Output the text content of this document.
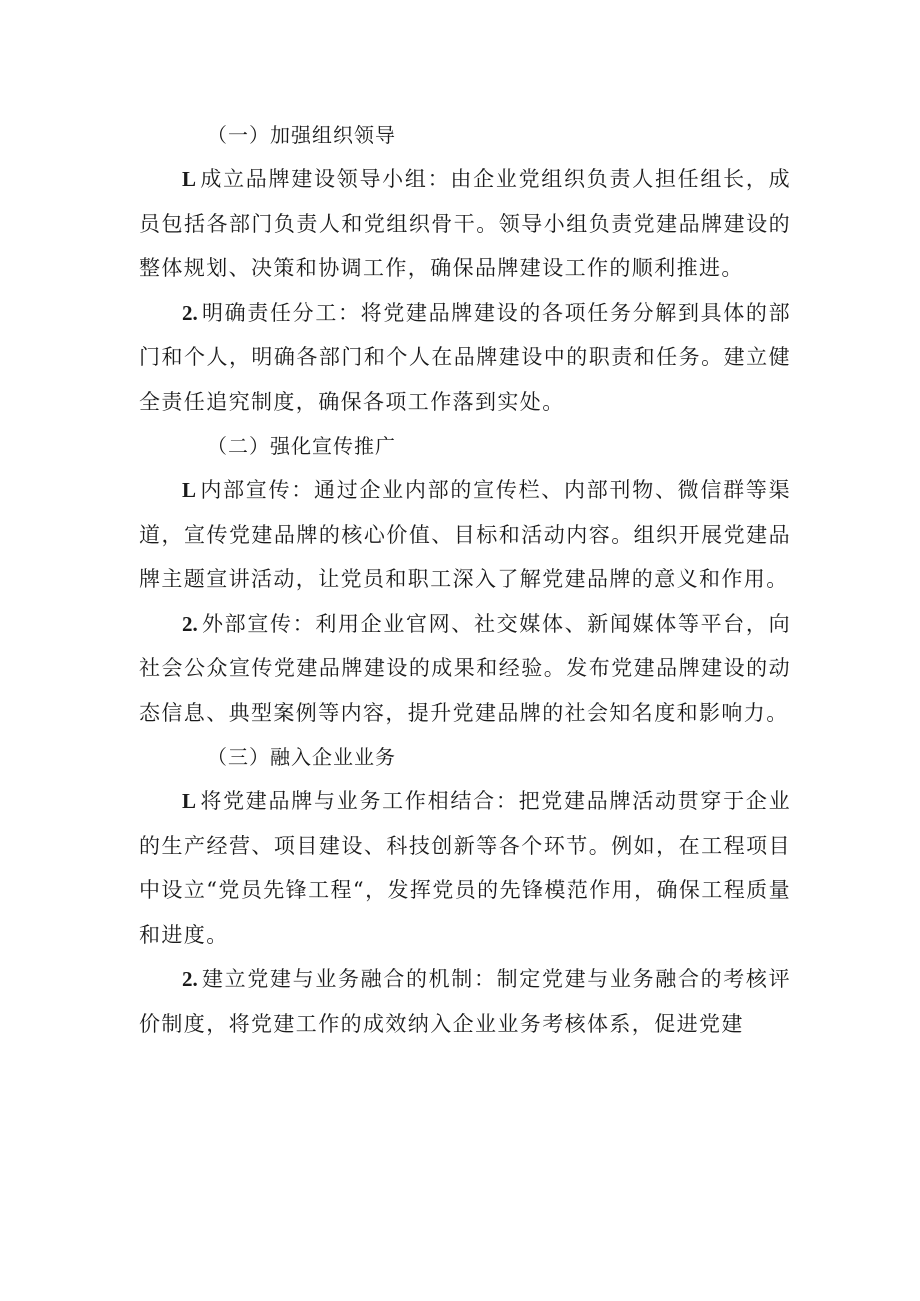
（一）加强组织领导

L 成立品牌建设领导小组：由企业党组织负责人担任组长，成员包括各部门负责人和党组织骨干。领导小组负责党建品牌建设的整体规划、决策和协调工作，确保品牌建设工作的顺利推进。

2. 明确责任分工：将党建品牌建设的各项任务分解到具体的部门和个人，明确各部门和个人在品牌建设中的职责和任务。建立健全责任追究制度，确保各项工作落到实处。

（二）强化宣传推广

L 内部宣传：通过企业内部的宣传栏、内部刊物、微信群等渠道，宣传党建品牌的核心价值、目标和活动内容。组织开展党建品牌主题宣讲活动，让党员和职工深入了解党建品牌的意义和作用。

2. 外部宣传：利用企业官网、社交媒体、新闻媒体等平台，向社会公众宣传党建品牌建设的成果和经验。发布党建品牌建设的动态信息、典型案例等内容，提升党建品牌的社会知名度和影响力。

（三）融入企业业务

L 将党建品牌与业务工作相结合：把党建品牌活动贯穿于企业的生产经营、项目建设、科技创新等各个环节。例如，在工程项目中设立“党员先锋工程“，发挥党员的先锋模范作用，确保工程质量和进度。

2. 建立党建与业务融合的机制：制定党建与业务融合的考核评价制度，将党建工作的成效纳入企业业务考核体系，促进党建
